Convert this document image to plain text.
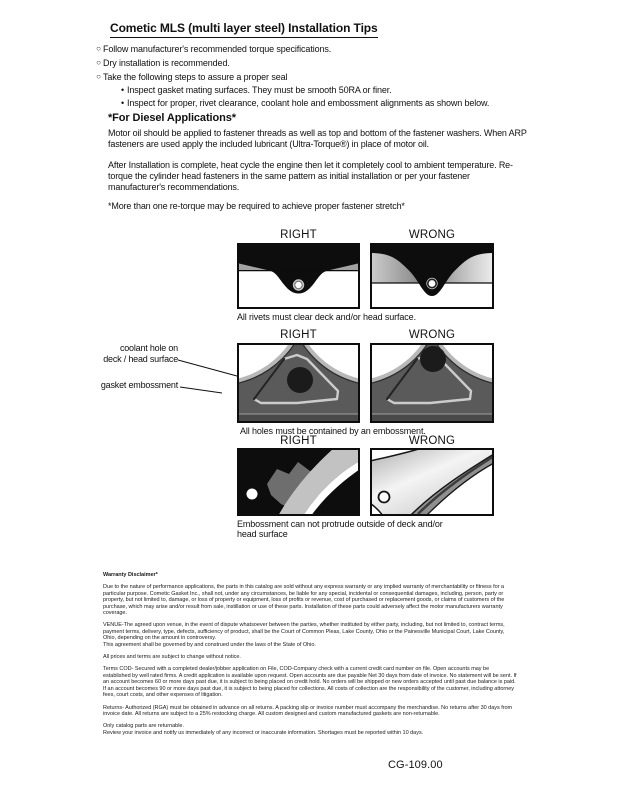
Cometic MLS (multi layer steel) Installation Tips
○ Follow manufacturer's recommended torque specifications.
○ Dry installation is recommended.
○ Take the following steps to assure a proper seal
• Inspect gasket mating surfaces. They must be smooth 50RA or finer.
• Inspect for proper, rivet clearance, coolant hole and embossment alignments as shown below.
*For Diesel Applications*
Motor oil should be applied to fastener threads as well as top and bottom of the fastener washers. When ARP fasteners are used apply the included lubricant (Ultra-Torque®) in place of motor oil.
After Installation is complete, heat cycle the engine then let it completely cool to ambient temperature. Re-torque the cylinder head fasteners in the same pattern as initial installation or per your fastener manufacturer's recommendations.
*More than one re-torque may be required to achieve proper fastener stretch*
RIGHT	WRONG
All rivets must clear deck and/or head surface.
RIGHT	WRONG
coolant hole on
deck / head surface
gasket embossment
All holes must be contained by an embossment.
RIGHT	WRONG
Embossment can not protrude outside of deck and/or head surface
Warranty Disclaimer*
Due to the nature of performance applications, the parts in this catalog are sold without any express warranty or any implied warranty of merchantability or fitness for a particular purpose. Cometic Gasket Inc., shall not, under any circumstances, be liable for any special, incidental or consequential damages, including, person, party or property, but not limited to, damage, or loss of property or equipment, loss of profits or revenue, cost of purchased or replacement goods, or claims of customers of the purchase, which may arise and/or result from sale, instillation or use of these parts. Installation of these parts could adversely affect the motor manufacturers warranty coverage.

VENUE-The agreed upon venue, in the event of dispute whatsoever between the parties, whether instituted by either party, including, but not limited to, contract terms, payment terms, delivery, type, defects, sufficiency of product, shall be the Court of Common Pleas, Lake County, Ohio or the Painesville Municipal Court, Lake County, Ohio, depending on the amount in controversy.

This agreement shall be governed by and construed under the laws of the State of Ohio.

All prices and terms are subject to change without notice.
Terms COD- Secured with a completed dealer/jobber application on File, COD-Company check with a current credit card number on file. Open accounts may be established by well rated firms. A credit application is available upon request. Open accounts are due payable Net 30 days from date of invoice. No statement will be sent. If an account becomes 60 or more days past due, it is subject to being placed on credit hold. No orders will be shipped or new orders accepted until past due balance is paid. If an account becomes 90 or more days past due, it is subject to being placed for collections. All costs of collection are the responsibility of the customer, including attorney fees, court costs, and other expenses of litigation.
Returns- Authorized (RGA) must be obtained in advance on all returns. A packing slip or invoice number must accompany the merchandise. No returns after 30 days from invoice date. All returns are subject to a 25% restocking charge. All custom designed and custom manufactured gaskets are non-returnable.

Only catalog parts are returnable.

Review your invoice and notify us immediately of any incorrect or inaccurate information. Shortages must be reported within 10 days.

CG-109.00
